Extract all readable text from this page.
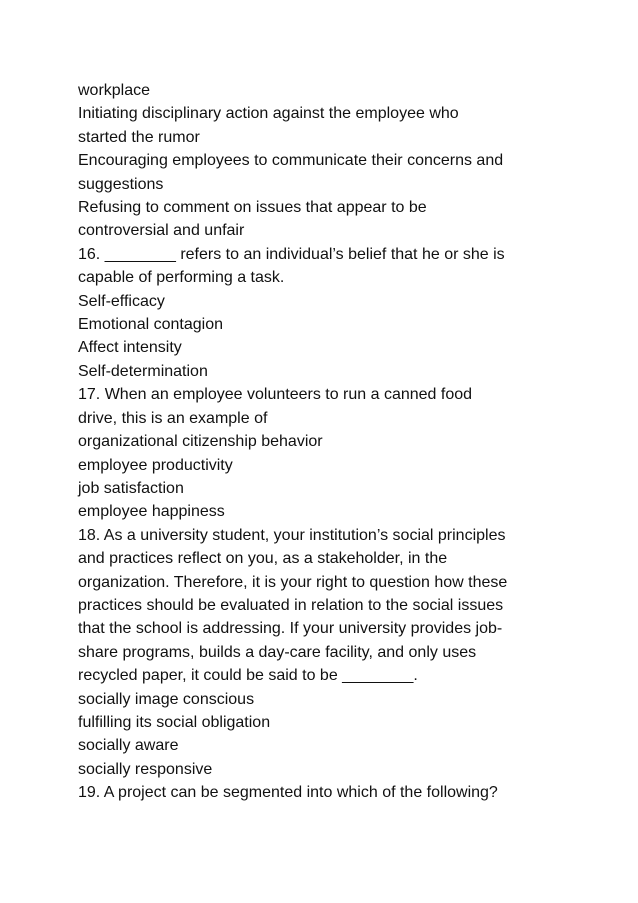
workplace
Initiating disciplinary action against the employee who
started the rumor
Encouraging employees to communicate their concerns and
suggestions
Refusing to comment on issues that appear to be
controversial and unfair
16. ________ refers to an individual’s belief that he or she is
capable of performing a task.
Self-efficacy
Emotional contagion
Affect intensity
Self-determination
17. When an employee volunteers to run a canned food
drive, this is an example of
organizational citizenship behavior
employee productivity
job satisfaction
employee happiness
18. As a university student, your institution’s social principles
and practices reflect on you, as a stakeholder, in the
organization. Therefore, it is your right to question how these
practices should be evaluated in relation to the social issues
that the school is addressing. If your university provides job-
share programs, builds a day-care facility, and only uses
recycled paper, it could be said to be ________.
socially image conscious
fulfilling its social obligation
socially aware
socially responsive
19. A project can be segmented into which of the following?
